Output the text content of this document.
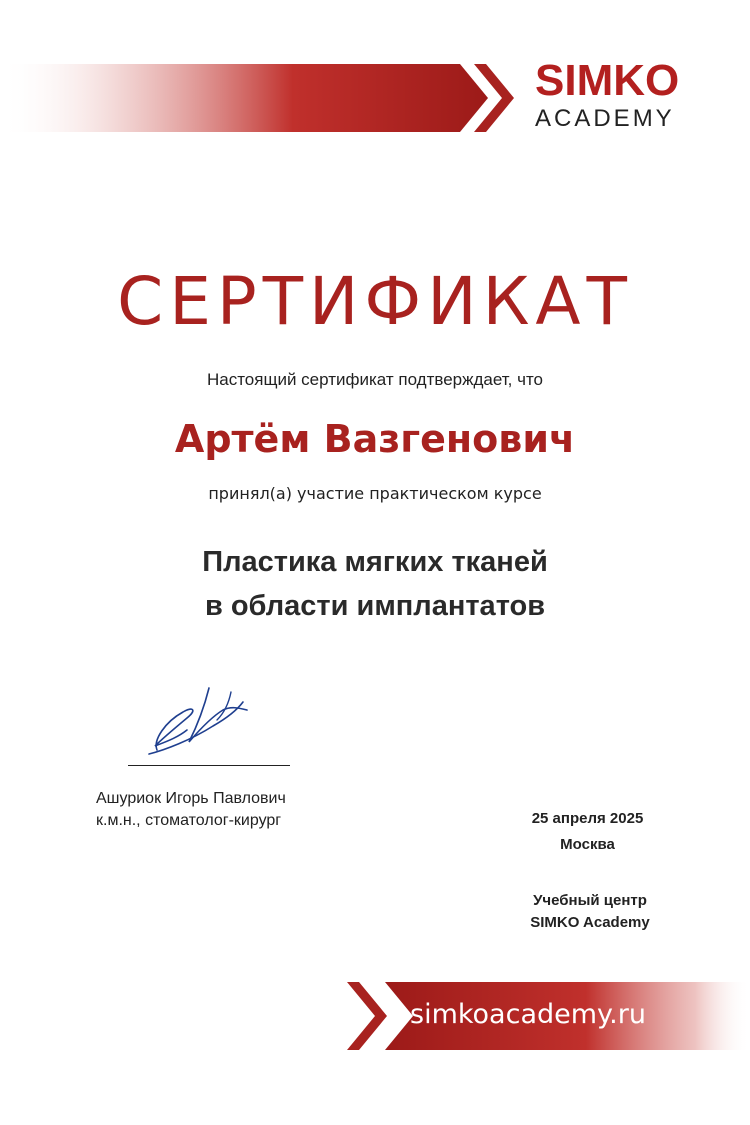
SIMKO
ACADEMY
СЕРТИФИКАТ
Настоящий сертификат подтверждает, что
Артём Вазгенович
принял(а) участие практическом курсе
Пластика мягких тканей
в области имплантатов
Ашуриок Игорь Павлович
к.м.н., стоматолог-кирург	25 апреля 2025
Москва
Учебный центр
SIMKO Academy
simkoacademy.ru
